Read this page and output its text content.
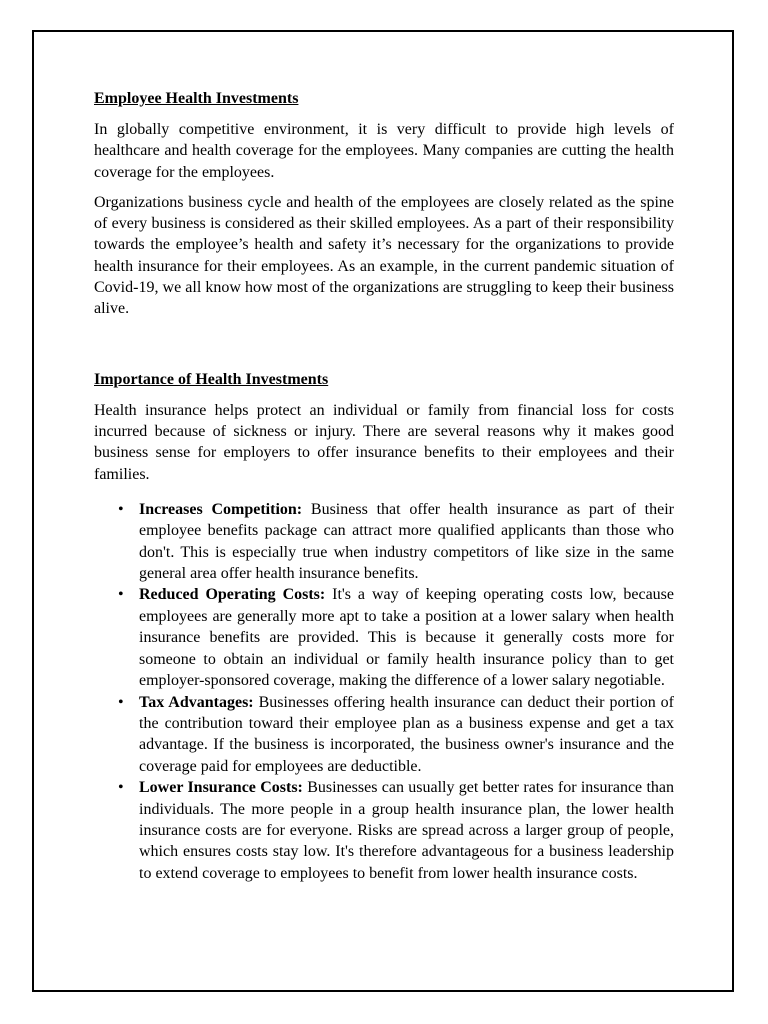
Employee Health Investments

In globally competitive environment, it is very difficult to provide high levels of healthcare and health coverage for the employees. Many companies are cutting the health coverage for the employees.

Organizations business cycle and health of the employees are closely related as the spine of every business is considered as their skilled employees. As a part of their responsibility towards the employee’s health and safety it’s necessary for the organizations to provide health insurance for their employees. As an example, in the current pandemic situation of Covid-19, we all know how most of the organizations are struggling to keep their business alive.

Importance of Health Investments

Health insurance helps protect an individual or family from financial loss for costs incurred because of sickness or injury. There are several reasons why it makes good business sense for employers to offer insurance benefits to their employees and their families.

• Increases Competition: Business that offer health insurance as part of their employee benefits package can attract more qualified applicants than those who don't. This is especially true when industry competitors of like size in the same general area offer health insurance benefits.
• Reduced Operating Costs: It's a way of keeping operating costs low, because employees are generally more apt to take a position at a lower salary when health insurance benefits are provided. This is because it generally costs more for someone to obtain an individual or family health insurance policy than to get employer-sponsored coverage, making the difference of a lower salary negotiable.
• Tax Advantages: Businesses offering health insurance can deduct their portion of the contribution toward their employee plan as a business expense and get a tax advantage. If the business is incorporated, the business owner's insurance and the coverage paid for employees are deductible.
• Lower Insurance Costs: Businesses can usually get better rates for insurance than individuals. The more people in a group health insurance plan, the lower health insurance costs are for everyone. Risks are spread across a larger group of people, which ensures costs stay low. It's therefore advantageous for a business leadership to extend coverage to employees to benefit from lower health insurance costs.
